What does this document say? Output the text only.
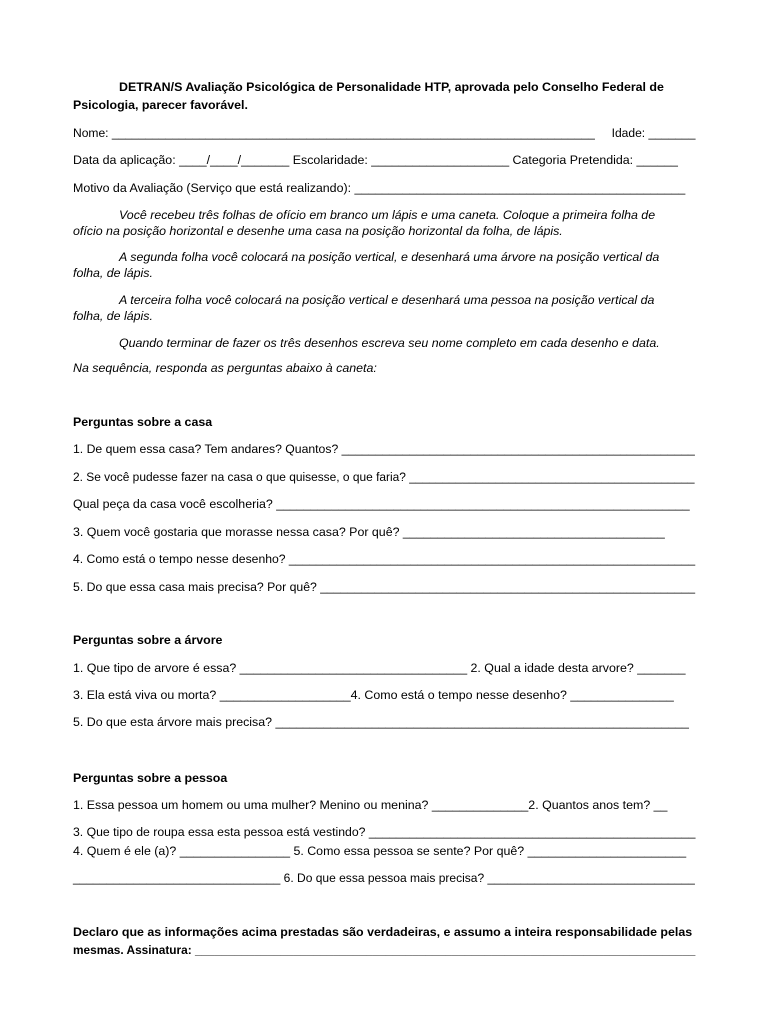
DETRAN/S Avaliação Psicológica de Personalidade HTP, aprovada pelo Conselho Federal de
Psicologia, parecer favorável.
Nome: ________________________________________________________________________     Idade: _______
Data da aplicação: ____/____/_______ Escolaridade: ____________________ Categoria Pretendida: ______
Motivo da Avaliação (Serviço que está realizando): ________________________________________________
Você recebeu três folhas de ofício em branco um lápis e uma caneta. Coloque a primeira folha de
ofício na posição horizontal e desenhe uma casa na posição horizontal da folha, de lápis.
A segunda folha você colocará na posição vertical, e desenhará uma árvore na posição vertical da
folha, de lápis.
A terceira folha você colocará na posição vertical e desenhará uma pessoa na posição vertical da
folha, de lápis.
Quando terminar de fazer os três desenhos escreva seu nome completo em cada desenho e data.
Na sequência, responda as perguntas abaixo à caneta:
Perguntas sobre a casa
1. De quem essa casa? Tem andares? Quantos? ____________________________________________________
2. Se você pudesse fazer na casa o que quisesse, o que faria? ___________________________________________
Qual peça da casa você escolheria? ____________________________________________________________
3. Quem você gostaria que morasse nessa casa? Por quê? ______________________________________
4. Como está o tempo nesse desenho? ____________________________________________________________
5. Do que essa casa mais precisa? Por quê? _______________________________________________________
Perguntas sobre a árvore
1. Que tipo de arvore é essa? _________________________________ 2. Qual a idade desta arvore? _______
3. Ela está viva ou morta? ___________________4. Como está o tempo nesse desenho? _______________
5. Do que esta árvore mais precisa? ____________________________________________________________
Perguntas sobre a pessoa
1. Essa pessoa um homem ou uma mulher? Menino ou menina? ______________2. Quantos anos tem? __
3. Que tipo de roupa essa esta pessoa está vestindo? ________________________________________________
4. Quem é ele (a)? ________________ 5. Como essa pessoa se sente? Por quê? _______________________
_______________________________ 6. Do que essa pessoa mais precisa? _______________________________
Declaro que as informações acima prestadas são verdadeiras, e assumo a inteira responsabilidade pelas
mesmas. Assinatura: ____________________________________________________________________________
